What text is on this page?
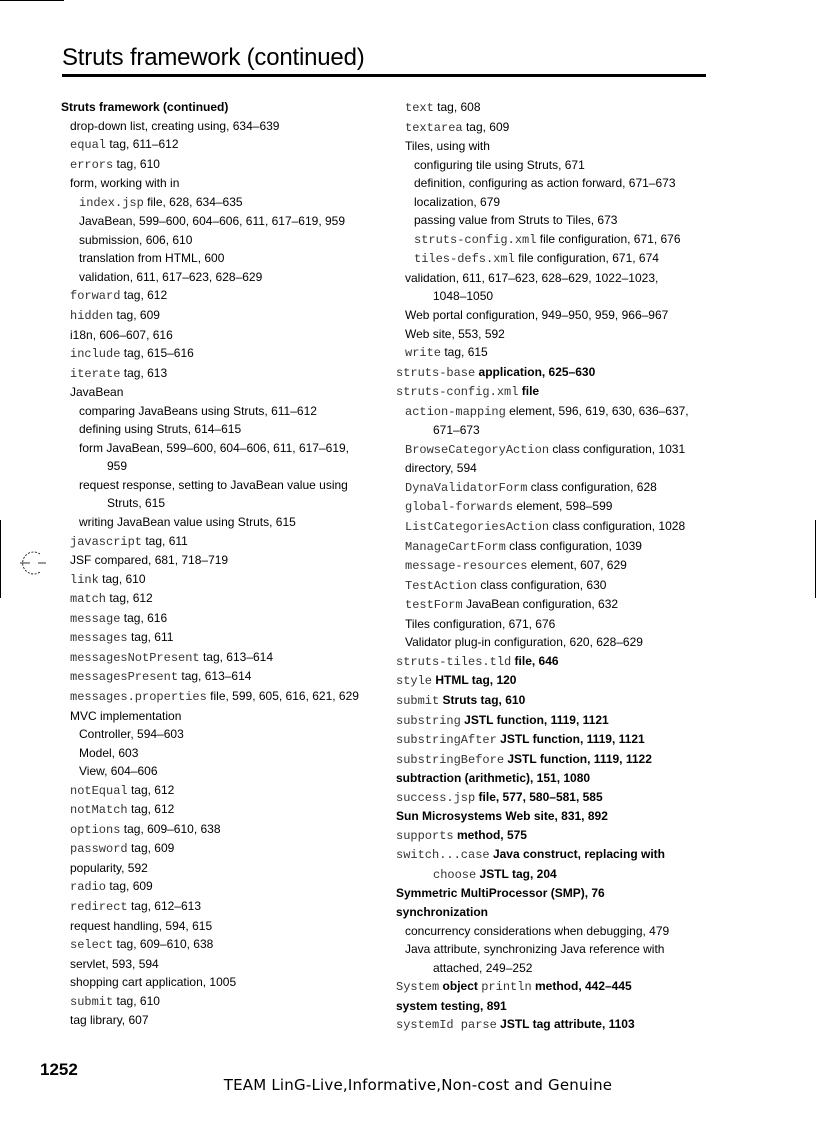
Struts framework (continued)
Struts framework (continued)
drop-down list, creating using, 634–639
equal tag, 611–612
errors tag, 610
form, working with in
index.jsp file, 628, 634–635
JavaBean, 599–600, 604–606, 611, 617–619, 959
submission, 606, 610
translation from HTML, 600
validation, 611, 617–623, 628–629
forward tag, 612
hidden tag, 609
i18n, 606–607, 616
include tag, 615–616
iterate tag, 613
JavaBean
comparing JavaBeans using Struts, 611–612
defining using Struts, 614–615
form JavaBean, 599–600, 604–606, 611, 617–619,
959
request response, setting to JavaBean value using
Struts, 615
writing JavaBean value using Struts, 615
javascript tag, 611
JSF compared, 681, 718–719
link tag, 610
match tag, 612
message tag, 616
messages tag, 611
messagesNotPresent tag, 613–614
messagesPresent tag, 613–614
messages.properties file, 599, 605, 616, 621, 629
MVC implementation
Controller, 594–603
Model, 603
View, 604–606
notEqual tag, 612
notMatch tag, 612
options tag, 609–610, 638
password tag, 609
popularity, 592
radio tag, 609
redirect tag, 612–613
request handling, 594, 615
select tag, 609–610, 638
servlet, 593, 594
shopping cart application, 1005
submit tag, 610
tag library, 607
text tag, 608
textarea tag, 609
Tiles, using with
configuring tile using Struts, 671
definition, configuring as action forward, 671–673
localization, 679
passing value from Struts to Tiles, 673
struts-config.xml file configuration, 671, 676
tiles-defs.xml file configuration, 671, 674
validation, 611, 617–623, 628–629, 1022–1023,
1048–1050
Web portal configuration, 949–950, 959, 966–967
Web site, 553, 592
write tag, 615
struts-base application, 625–630
struts-config.xml file
action-mapping element, 596, 619, 630, 636–637,
671–673
BrowseCategoryAction class configuration, 1031
directory, 594
DynaValidatorForm class configuration, 628
global-forwards element, 598–599
ListCategoriesAction class configuration, 1028
ManageCartForm class configuration, 1039
message-resources element, 607, 629
TestAction class configuration, 630
testForm JavaBean configuration, 632
Tiles configuration, 671, 676
Validator plug-in configuration, 620, 628–629
struts-tiles.tld file, 646
style HTML tag, 120
submit Struts tag, 610
substring JSTL function, 1119, 1121
substringAfter JSTL function, 1119, 1121
substringBefore JSTL function, 1119, 1122
subtraction (arithmetic), 151, 1080
success.jsp file, 577, 580–581, 585
Sun Microsystems Web site, 831, 892
supports method, 575
switch...case Java construct, replacing with
choose JSTL tag, 204
Symmetric MultiProcessor (SMP), 76
synchronization
concurrency considerations when debugging, 479
Java attribute, synchronizing Java reference with
attached, 249–252
System object println method, 442–445
system testing, 891
systemId parse JSTL tag attribute, 1103
1252
TEAM LinG-Live,Informative,Non-cost and Genuine
